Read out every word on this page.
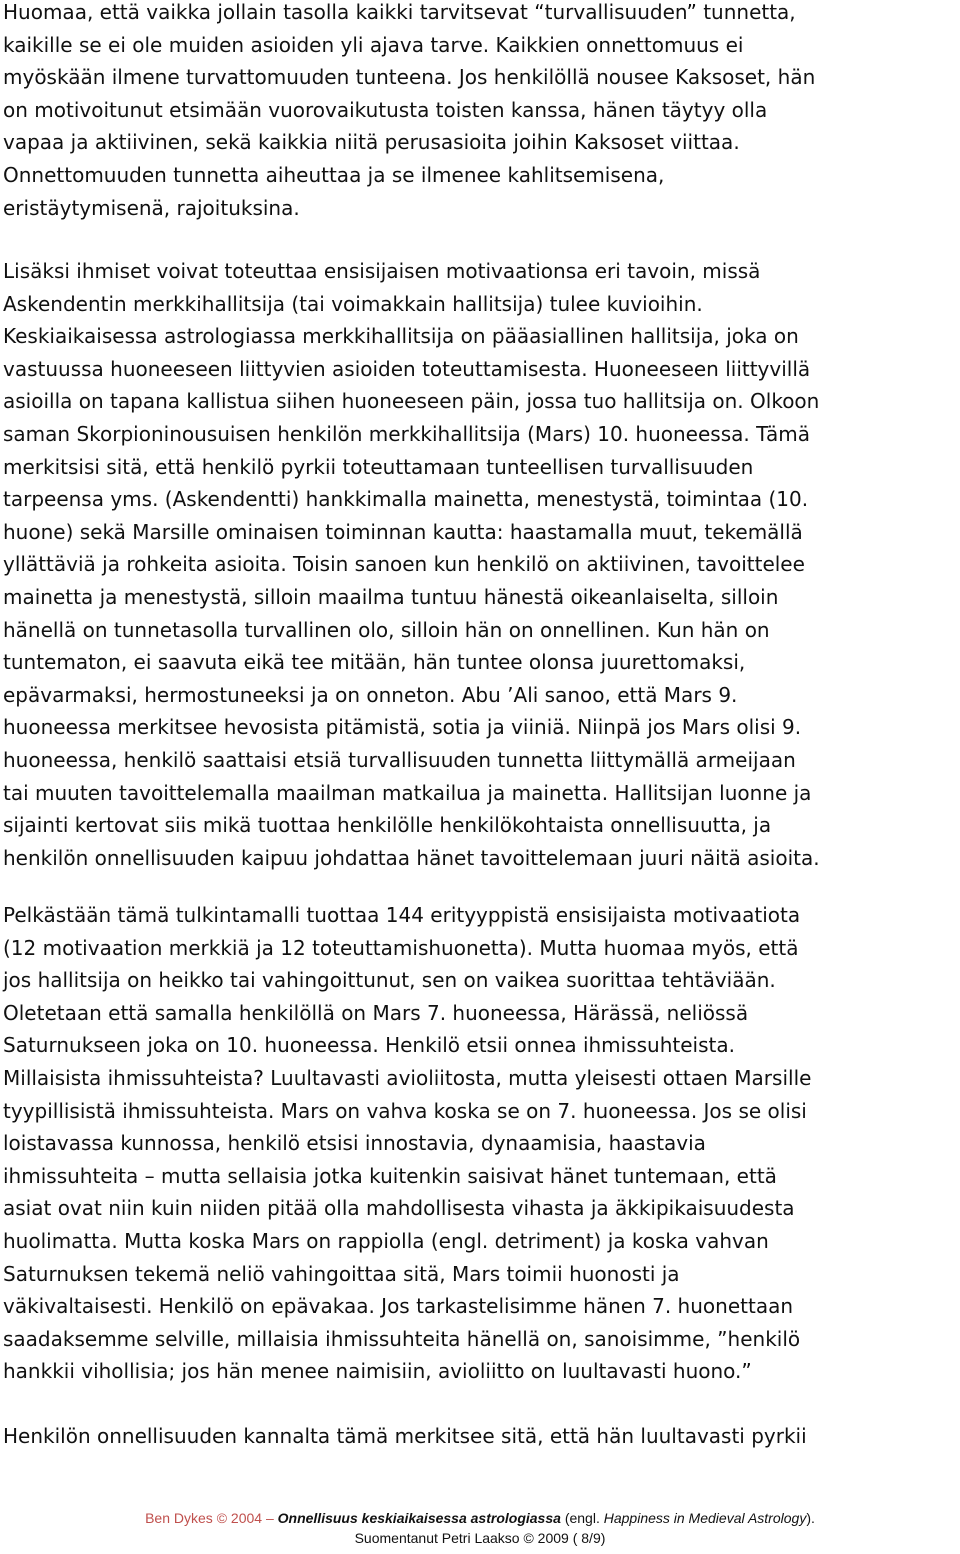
Huomaa, että vaikka jollain tasolla kaikki tarvitsevat “turvallisuuden” tunnetta,
kaikille se ei ole muiden asioiden yli ajava tarve. Kaikkien onnettomuus ei
myöskään ilmene turvattomuuden tunteena. Jos henkilöllä nousee Kaksoset, hän
on motivoitunut etsimään vuorovaikutusta toisten kanssa, hänen täytyy olla
vapaa ja aktiivinen, sekä kaikkia niitä perusasioita joihin Kaksoset viittaa.
Onnettomuuden tunnetta aiheuttaa ja se ilmenee kahlitsemisena,
eristäytymisenä, rajoituksina.
Lisäksi ihmiset voivat toteuttaa ensisijaisen motivaationsa eri tavoin, missä
Askendentin merkkihallitsija (tai voimakkain hallitsija) tulee kuvioihin.
Keskiaikaisessa astrologiassa merkkihallitsija on pääasiallinen hallitsija, joka on
vastuussa huoneeseen liittyvien asioiden toteuttamisesta. Huoneeseen liittyvillä
asioilla on tapana kallistua siihen huoneeseen päin, jossa tuo hallitsija on. Olkoon
saman Skorpioninousuisen henkilön merkkihallitsija (Mars) 10. huoneessa. Tämä
merkitsisi sitä, että henkilö pyrkii toteuttamaan tunteellisen turvallisuuden
tarpeensa yms. (Askendentti) hankkimalla mainetta, menestystä, toimintaa (10.
huone) sekä Marsille ominaisen toiminnan kautta: haastamalla muut, tekemällä
yllättäviä ja rohkeita asioita. Toisin sanoen kun henkilö on aktiivinen, tavoittelee
mainetta ja menestystä, silloin maailma tuntuu hänestä oikeanlaiselta, silloin
hänellä on tunnetasolla turvallinen olo, silloin hän on onnellinen. Kun hän on
tuntematon, ei saavuta eikä tee mitään, hän tuntee olonsa juurettomaksi,
epävarmaksi, hermostuneeksi ja on onneton. Abu ’Ali sanoo, että Mars 9.
huoneessa merkitsee hevosista pitämistä, sotia ja viiniä. Niinpä jos Mars olisi 9.
huoneessa, henkilö saattaisi etsiä turvallisuuden tunnetta liittymällä armeijaan
tai muuten tavoittelemalla maailman matkailua ja mainetta. Hallitsijan luonne ja
sijainti kertovat siis mikä tuottaa henkilölle henkilökohtaista onnellisuutta, ja
henkilön onnellisuuden kaipuu johdattaa hänet tavoittelemaan juuri näitä asioita.
Pelkästään tämä tulkintamalli tuottaa 144 erityyppistä ensisijaista motivaatiota
(12 motivaation merkkiä ja 12 toteuttamishuonetta). Mutta huomaa myös, että
jos hallitsija on heikko tai vahingoittunut, sen on vaikea suorittaa tehtäviään.
Oletetaan että samalla henkilöllä on Mars 7. huoneessa, Härässä, neliössä
Saturnukseen joka on 10. huoneessa. Henkilö etsii onnea ihmissuhteista.
Millaisista ihmissuhteista? Luultavasti avioliitosta, mutta yleisesti ottaen Marsille
tyypillisistä ihmissuhteista. Mars on vahva koska se on 7. huoneessa. Jos se olisi
loistavassa kunnossa, henkilö etsisi innostavia, dynaamisia, haastavia
ihmissuhteita – mutta sellaisia jotka kuitenkin saisivat hänet tuntemaan, että
asiat ovat niin kuin niiden pitää olla mahdollisesta vihasta ja äkkipikaisuudesta
huolimatta. Mutta koska Mars on rappiolla (engl. detriment) ja koska vahvan
Saturnuksen tekemä neliö vahingoittaa sitä, Mars toimii huonosti ja
väkivaltaisesti. Henkilö on epävakaa. Jos tarkastelisimme hänen 7. huonettaan
saadaksemme selville, millaisia ihmissuhteita hänellä on, sanoisimme, ”henkilö
hankkii vihollisia; jos hän menee naimisiin, avioliitto on luultavasti huono.”
Henkilön onnellisuuden kannalta tämä merkitsee sitä, että hän luultavasti pyrkii
Ben Dykes © 2004 – Onnellisuus keskiaikaisessa astrologiassa (engl. Happiness in Medieval Astrology).
Suomentanut Petri Laakso © 2009 ( 8/9)
